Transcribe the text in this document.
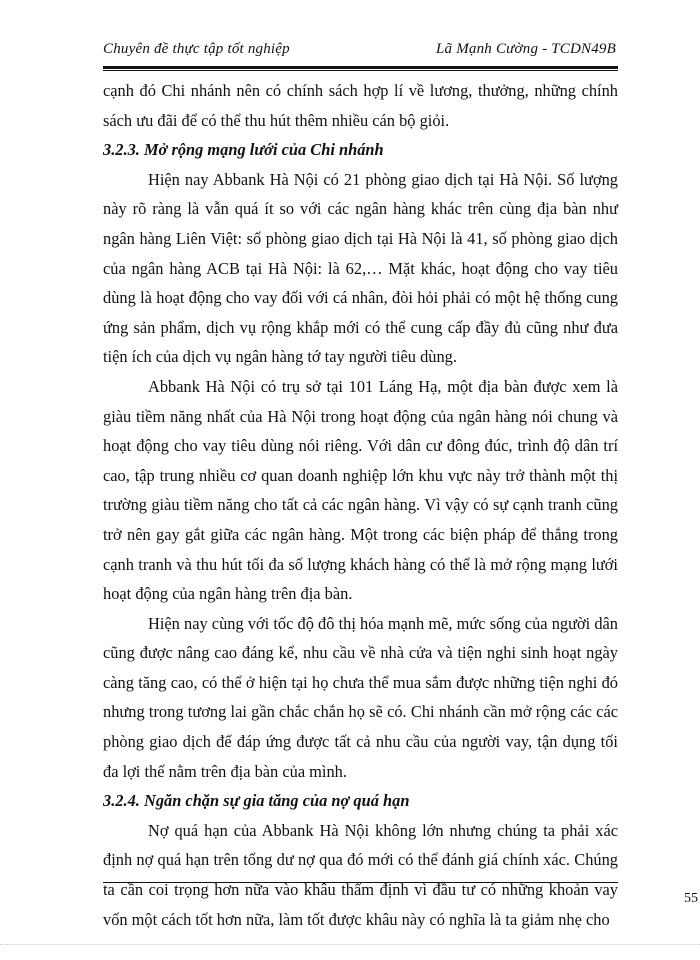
Chuyên đề thực tập tốt nghiệp	Lã Mạnh Cường - TCDN49B

cạnh đó Chi nhánh nên có chính sách hợp lí về lương, thưởng, những chính sách ưu đãi để có thể thu hút thêm nhiều cán bộ giỏi.

3.2.3. Mở rộng mạng lưới của Chi nhánh

Hiện nay Abbank Hà Nội có 21 phòng giao dịch tại Hà Nội. Số lượng này rõ ràng là vẫn quá ít so với các ngân hàng khác trên cùng địa bàn như ngân hàng Liên Việt: số phòng giao dịch tại Hà Nội là 41, số phòng giao dịch của ngân hàng ACB tại Hà Nội: là 62,… Mặt khác, hoạt động cho vay tiêu dùng là hoạt động cho vay đối với cá nhân, đòi hỏi phải có một hệ thống cung ứng sản phẩm, dịch vụ rộng khắp mới có thể cung cấp đầy đủ cũng như đưa tiện ích của dịch vụ ngân hàng tớ tay người tiêu dùng.

Abbank Hà Nội có trụ sở tại 101 Láng Hạ, một địa bàn được xem là giàu tiềm năng nhất của Hà Nội trong hoạt động của ngân hàng nói chung và hoạt động cho vay tiêu dùng nói riêng. Với dân cư đông đúc, trình độ dân trí cao, tập trung nhiều cơ quan doanh nghiệp lớn khu vực này trở thành một thị trường giàu tiềm năng cho tất cả các ngân hàng. Vì vậy có sự cạnh tranh cũng trở nên gay gắt giữa các ngân hàng. Một trong các biện pháp để thắng trong cạnh tranh và thu hút tối đa số lượng khách hàng có thể là mở rộng mạng lưới hoạt động của ngân hàng trên địa bàn.

Hiện nay cùng với tốc độ đô thị hóa mạnh mẽ, mức sống của người dân cũng được nâng cao đáng kể, nhu cầu về nhà cửa và tiện nghi sinh hoạt ngày càng tăng cao, có thể ở hiện tại họ chưa thể mua sắm được những tiện nghi đó nhưng trong tương lai gần chắc chắn họ sẽ có. Chi nhánh cần mở rộng các các phòng giao dịch để đáp ứng được tất cả nhu cầu của người vay, tận dụng tối đa lợi thế nằm trên địa bàn của mình.

3.2.4. Ngăn chặn sự gia tăng của nợ quá hạn

Nợ quá hạn của Abbank Hà Nội không lớn nhưng chúng ta phải xác định nợ quá hạn trên tổng dư nợ qua đó mới có thể đánh giá chính xác. Chúng ta cần coi trọng hơn nữa vào khâu thẩm định vì đầu tư có những khoản vay vốn một cách tốt hơn nữa, làm tốt được khâu này có nghĩa là ta giảm nhẹ cho

55
